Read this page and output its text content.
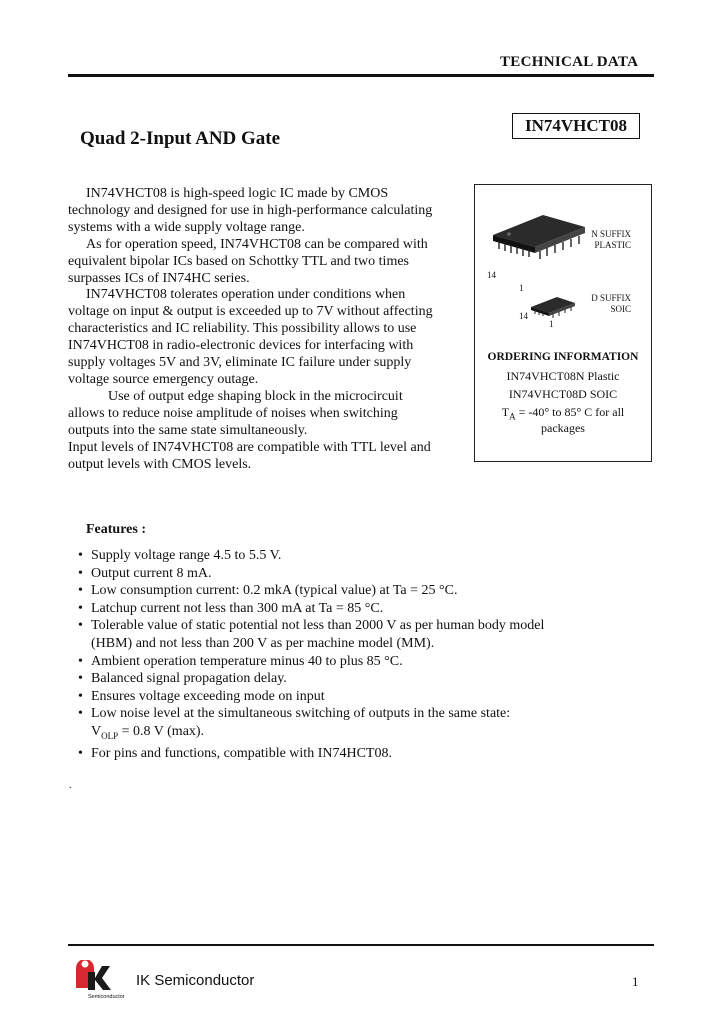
TECHNICAL DATA
IN74VHCT08
Quad 2-Input AND Gate

IN74VHCT08 is high-speed logic IC made by CMOS technology and designed for use in high-performance calculating systems with a wide supply voltage range.

As for operation speed, IN74VHCT08 can be compared with equivalent bipolar ICs based on Schottky TTL and two times surpasses ICs of IN74HC series.

IN74VHCT08 tolerates operation under conditions when voltage on input & output is exceeded up to 7V without affecting characteristics and IC reliability. This possibility allows to use IN74VHCT08 in radio-electronic devices for interfacing with supply voltages 5V and 3V, eliminate IC failure under supply voltage source emergency outage.

Use of output edge shaping block in the microcircuit allows to reduce noise amplitude of noises when switching outputs into the same state simultaneously.

Input levels of IN74VHCT08 are compatible with TTL level and output levels with CMOS levels.

N SUFFIX
PLASTIC
14
1
D SUFFIX
SOIC
14
1
ORDERING INFORMATION
IN74VHCT08N Plastic
IN74VHCT08D SOIC
$T_A = -40^\circ$ to 85° C for all
packages
Features :
• Supply voltage range 4.5 to 5.5 V.
• Output current 8 mA.
• Low consumption current: 0.2 mkA (typical value) at Ta = 25 °C.
• Latchup current not less than 300 mA at Ta = 85 °C.
• Tolerable value of static potential not less than 2000 V as per human body model
(HBM) and not less than 200 V as per machine model (MM).
• Ambient operation temperature minus 40 to plus 85 °C.
• Balanced signal propagation delay.
• Ensures voltage exceeding mode on input
• Low noise level at the simultaneous switching of outputs in the same state:
$V_{OLP} = 0.8$ V (max).
• For pins and functions, compatible with IN74HCT08.
.
Semiconductor
IK Semiconductor	1
